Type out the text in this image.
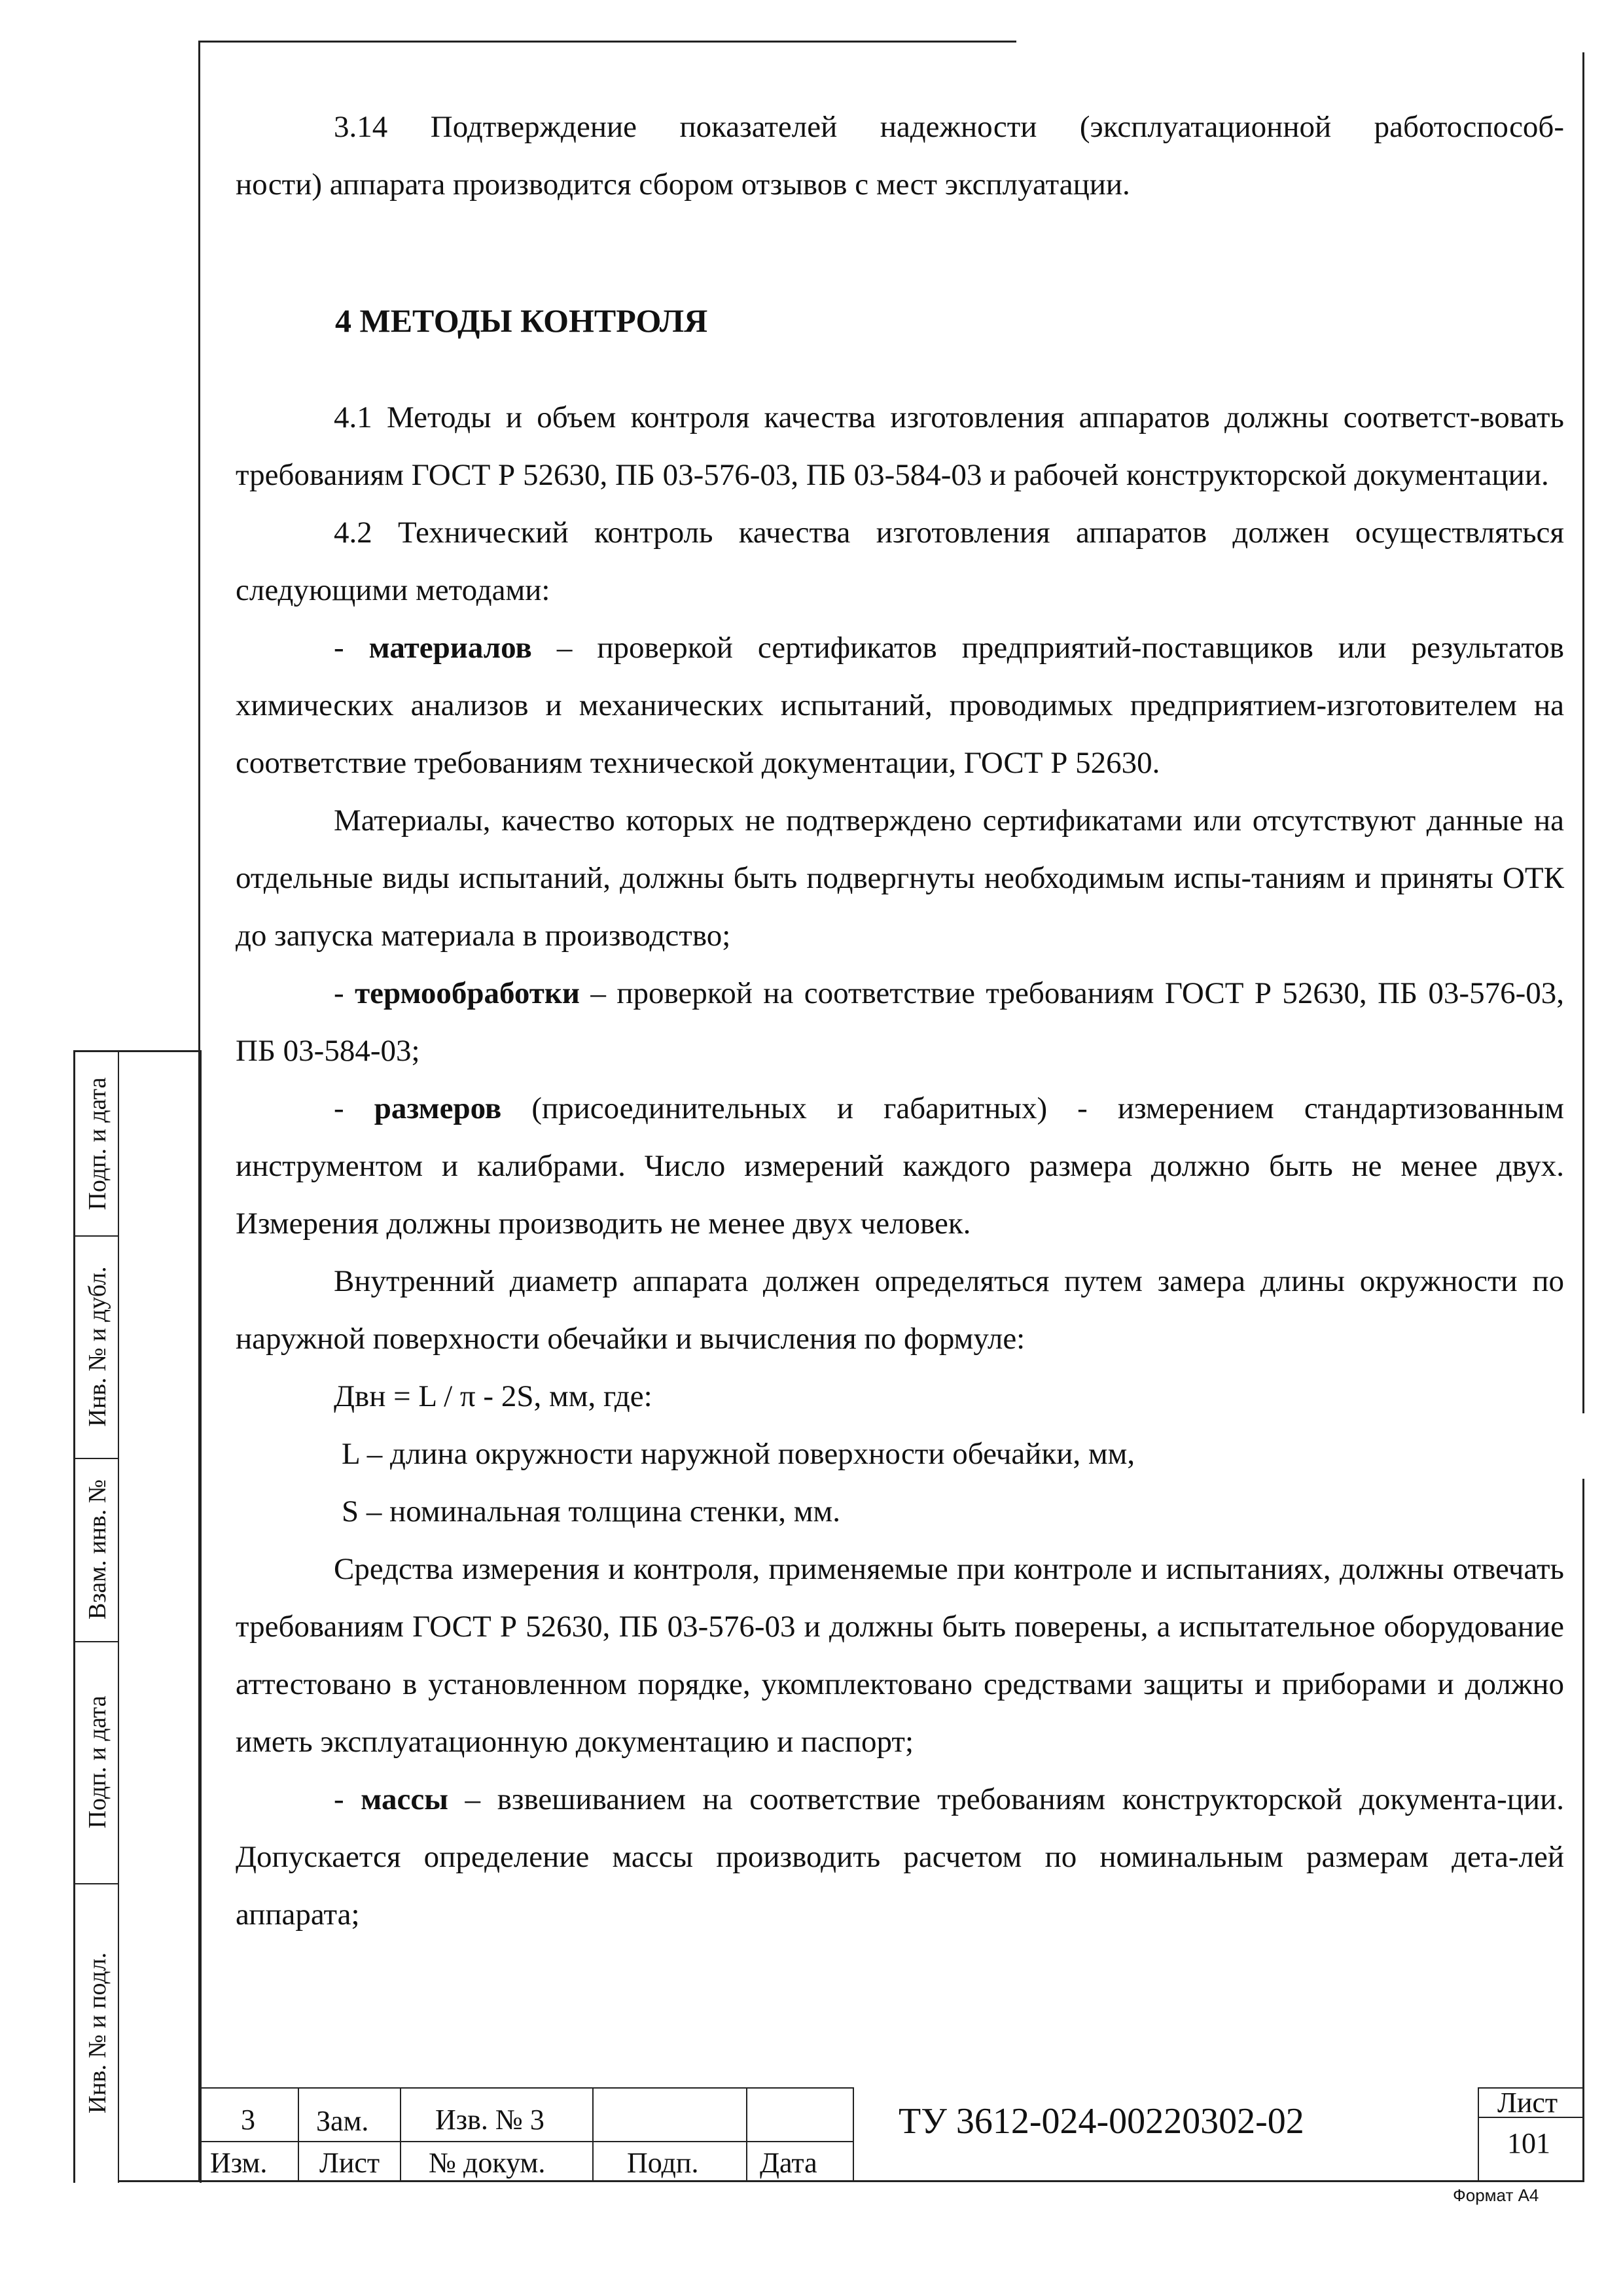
Подп. и дата
Инв. № и дубл.
Взам. инв. №
Подп. и дата
Инв. № и подл.

3.14 Подтверждение показателей надежности (эксплуатационной работоспособ-

ности) аппарата производится сбором отзывов с мест эксплуатации.

4 МЕТОДЫ КОНТРОЛЯ

4.1 Методы и объем контроля качества изготовления аппаратов должны соответст-вовать требованиям ГОСТ Р 52630, ПБ 03-576-03, ПБ 03-584-03 и рабочей конструкторской документации.

4.2 Технический контроль качества изготовления аппаратов должен осуществляться следующими методами:

- материалов – проверкой сертификатов предприятий-поставщиков или результатов химических анализов и механических испытаний, проводимых предприятием-изготовителем на соответствие требованиям технической документации, ГОСТ Р 52630.

Материалы, качество которых не подтверждено сертификатами или отсутствуют данные на отдельные виды испытаний, должны быть подвергнуты необходимым испы-таниям и приняты ОТК до запуска материала в производство;

- термообработки – проверкой на соответствие требованиям ГОСТ Р 52630, ПБ 03-576-03, ПБ 03-584-03;

- размеров (присоединительных и габаритных) - измерением стандартизованным инструментом и калибрами. Число измерений каждого размера должно быть не менее двух. Измерения должны производить не менее двух человек.

Внутренний диаметр аппарата должен определяться путем замера длины окружности по наружной поверхности обечайки и вычисления по формуле:

Двн = L / π - 2S, мм, где:

L – длина окружности наружной поверхности обечайки, мм,

S – номинальная толщина стенки, мм.

Средства измерения и контроля, применяемые при контроле и испытаниях, должны отвечать требованиям ГОСТ Р 52630, ПБ 03-576-03 и должны быть поверены, а испытательное оборудование аттестовано в установленном порядке, укомплектовано средствами защиты и приборами и должно иметь эксплуатационную документацию и паспорт;

- массы – взвешиванием на соответствие требованиям конструкторской документа-ции. Допускается определение массы производить расчетом по номинальным размерам дета-лей аппарата;

3 Зам. Изв. № 3
Изм. Лист № докум.	Подп. Дата
ТУ 3612-024-00220302-02	Лист
101
Формат А4
